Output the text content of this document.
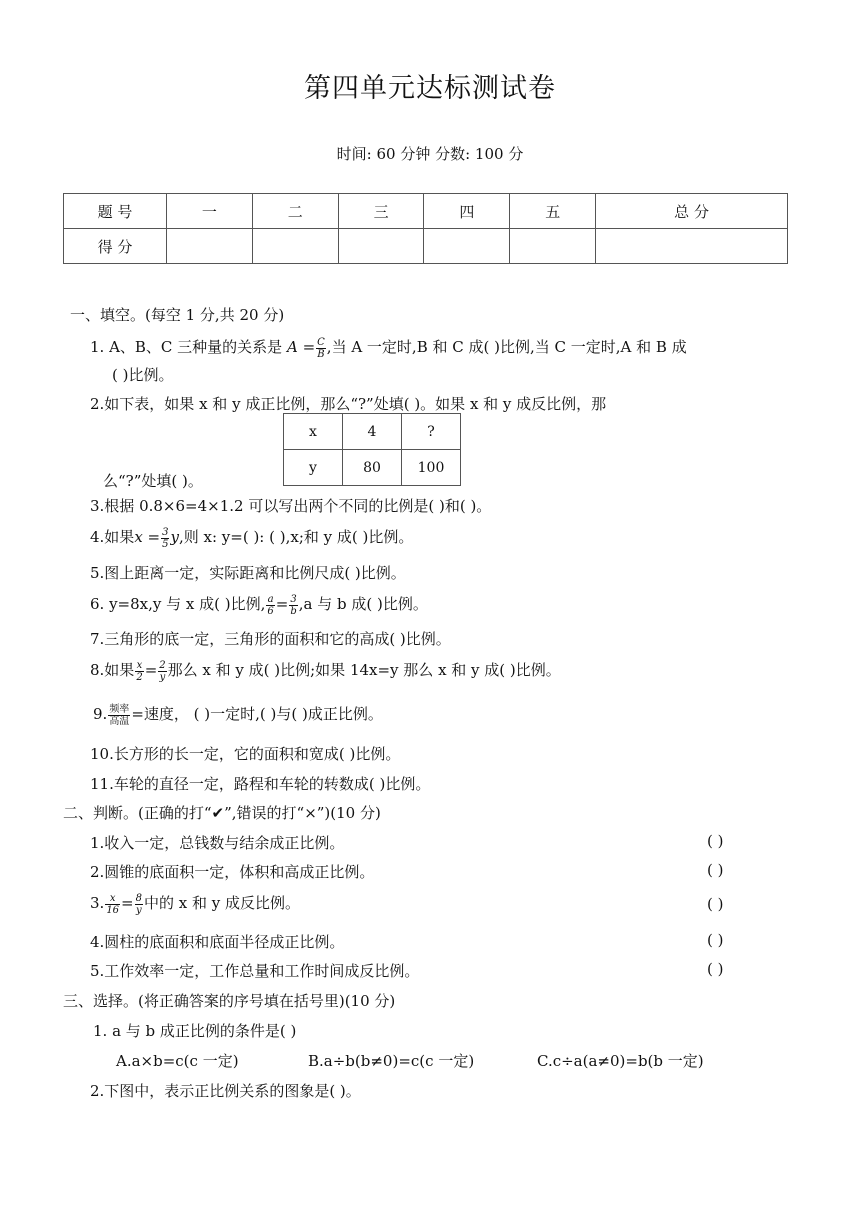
第四单元达标测试卷
时间: 60 分钟 分数: 100 分
题 号	一	二	三	四	五	总 分
得 分						
一、填空。(每空 1 分,共 20 分)
1. A、B、C 三种量的关系是 $A = \frac{C}{B}$ ,当 A 一定时,B 和 C 成( )比例,当 C 一定时,A 和 B 成
( )比例。
2.如下表，如果 x 和 y 成正比例，那么“?”处填( )。如果 x 和 y 成反比例，那
x	4	?
y	80	100
么“?”处填( )。
3.根据 0.8×6=4×1.2 可以写出两个不同的比例是( )和( )。
4.如果$x = \frac{3}{5} y$,则 x: y=( ): ( ),x;和 y 成( )比例。
5.图上距离一定，实际距离和比例尺成( )比例。
6. y=8x,y 与 x 成( )比例, $\frac{a}{6} = \frac{3}{b} ,a$ 与 b 成( )比例。
7.三角形的底一定，三角形的面积和它的高成( )比例。
8.如果 $\frac{x}{2} = \frac{2}{y}$ 那么 x 和 y 成( )比例;如果 14x=y 那么 x 和 y 成( )比例。
9. 频率
高温 =速度， ( )一定时,( )与( )成正比例。
10.长方形的长一定，它的面积和宽成( )比例。
11.车轮的直径一定，路程和车轮的转数成( )比例。
二、判断。(正确的打“✔”,错误的打“×”)(10 分)
1.收入一定，总钱数与结余成正比例。	( )
2.圆锥的底面积一定，体积和高成正比例。	( )
3. $\frac{x}{16} = \frac{8}{y}$ 中的 x 和 y 成反比例。	( )
4.圆柱的底面积和底面半径成正比例。	( )
5.工作效率一定，工作总量和工作时间成反比例。	( )
三、选择。(将正确答案的序号填在括号里)(10 分)
1. a 与 b 成正比例的条件是( )
A.a×b=c(c 一定)	B.a÷b(b≠0)=c(c 一定)	C.c÷a(a≠0)=b(b 一定)
2.下图中，表示正比例关系的图象是( )。
